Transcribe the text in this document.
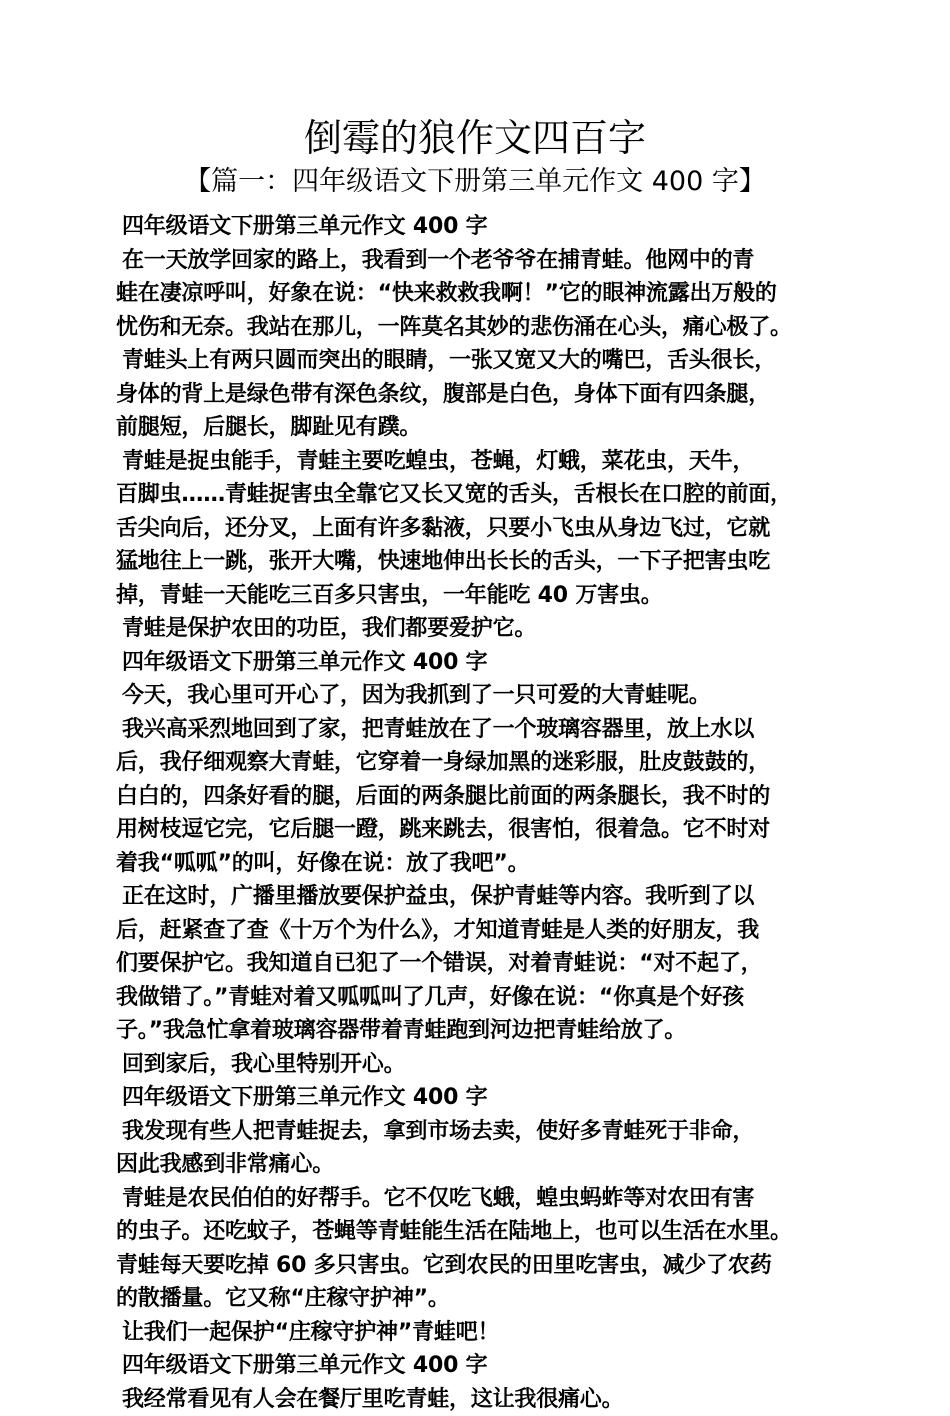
倒霉的狼作文四百字
【篇一：四年级语文下册第三单元作文 400 字】
四年级语文下册第三单元作文 400 字
在一天放学回家的路上，我看到一个老爷爷在捕青蛙。他网中的青
蛙在凄凉呼叫，好象在说：“快来救救我啊！”它的眼神流露出万般的
忧伤和无奈。我站在那儿，一阵莫名其妙的悲伤涌在心头，痛心极了。
青蛙头上有两只圆而突出的眼睛，一张又宽又大的嘴巴，舌头很长，
身体的背上是绿色带有深色条纹，腹部是白色，身体下面有四条腿，
前腿短，后腿长，脚趾见有蹼。
青蛙是捉虫能手，青蛙主要吃蝗虫，苍蝇，灯蛾，菜花虫，天牛，
百脚虫……青蛙捉害虫全靠它又长又宽的舌头，舌根长在口腔的前面，
舌尖向后，还分叉，上面有许多黏液，只要小飞虫从身边飞过，它就
猛地往上一跳，张开大嘴，快速地伸出长长的舌头，一下子把害虫吃
掉，青蛙一天能吃三百多只害虫，一年能吃 40 万害虫。
青蛙是保护农田的功臣，我们都要爱护它。
四年级语文下册第三单元作文 400 字
今天，我心里可开心了，因为我抓到了一只可爱的大青蛙呢。
我兴高采烈地回到了家，把青蛙放在了一个玻璃容器里，放上水以
后，我仔细观察大青蛙，它穿着一身绿加黑的迷彩服，肚皮鼓鼓的，
白白的，四条好看的腿，后面的两条腿比前面的两条腿长，我不时的
用树枝逗它完，它后腿一蹬，跳来跳去，很害怕，很着急。它不时对
着我“呱呱”的叫，好像在说：放了我吧”。
正在这时，广播里播放要保护益虫，保护青蛙等内容。我听到了以
后，赶紧查了查《十万个为什么》，才知道青蛙是人类的好朋友，我
们要保护它。我知道自已犯了一个错误，对着青蛙说：“对不起了，
我做错了。”青蛙对着又呱呱叫了几声，好像在说：“你真是个好孩
子。”我急忙拿着玻璃容器带着青蛙跑到河边把青蛙给放了。
回到家后，我心里特别开心。
四年级语文下册第三单元作文 400 字
我发现有些人把青蛙捉去，拿到市场去卖，使好多青蛙死于非命，
因此我感到非常痛心。
青蛙是农民伯伯的好帮手。它不仅吃飞蛾，蝗虫蚂蚱等对农田有害
的虫子。还吃蚊子，苍蝇等青蛙能生活在陆地上，也可以生活在水里。
青蛙每天要吃掉 60 多只害虫。它到农民的田里吃害虫，减少了农药
的散播量。它又称“庄稼守护神”。
让我们一起保护“庄稼守护神”青蛙吧！
四年级语文下册第三单元作文 400 字
我经常看见有人会在餐厅里吃青蛙，这让我很痛心。
